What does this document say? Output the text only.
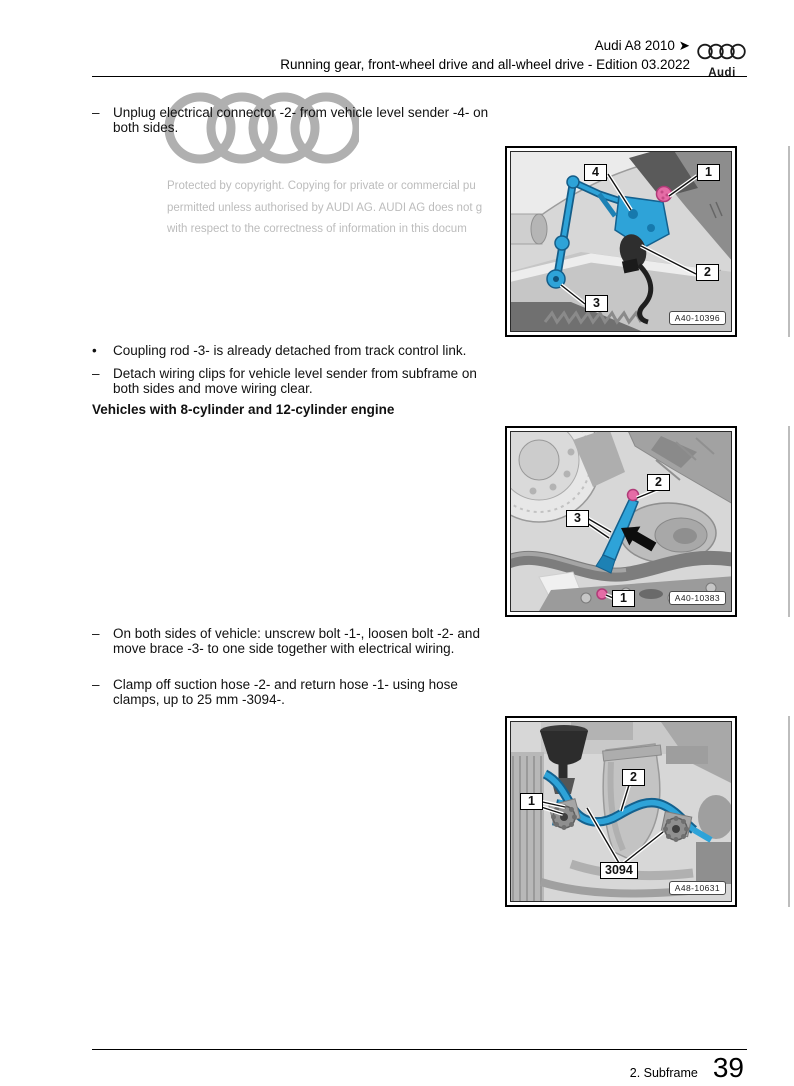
Audi A8 2010 ➤
Running gear, front-wheel drive and all-wheel drive - Edition 03.2022
Audi
Protected by copyright. Copying for private or commercial pu
permitted unless authorised by AUDI AG. AUDI AG does not g
with respect to the correctness of information in this docum
– Unplug electrical connector -2- from vehicle level sender -4- on both sides.
•	Coupling rod -3- is already detached from track control link.
– Detach wiring clips for vehicle level sender from subframe on both sides and move wiring clear.
Vehicles with 8-cylinder and 12-cylinder engine
– On both sides of vehicle: unscrew bolt -1-, loosen bolt -2- and move brace -3- to one side together with electrical wiring.
– Clamp off suction hose -2- and return hose -1- using hose clamps, up to 25 mm -3094-.
4	1
2
3
A40-10396
2
3
1	A40-10383
1
2
3094
A48-10631
2. Subframe 39
